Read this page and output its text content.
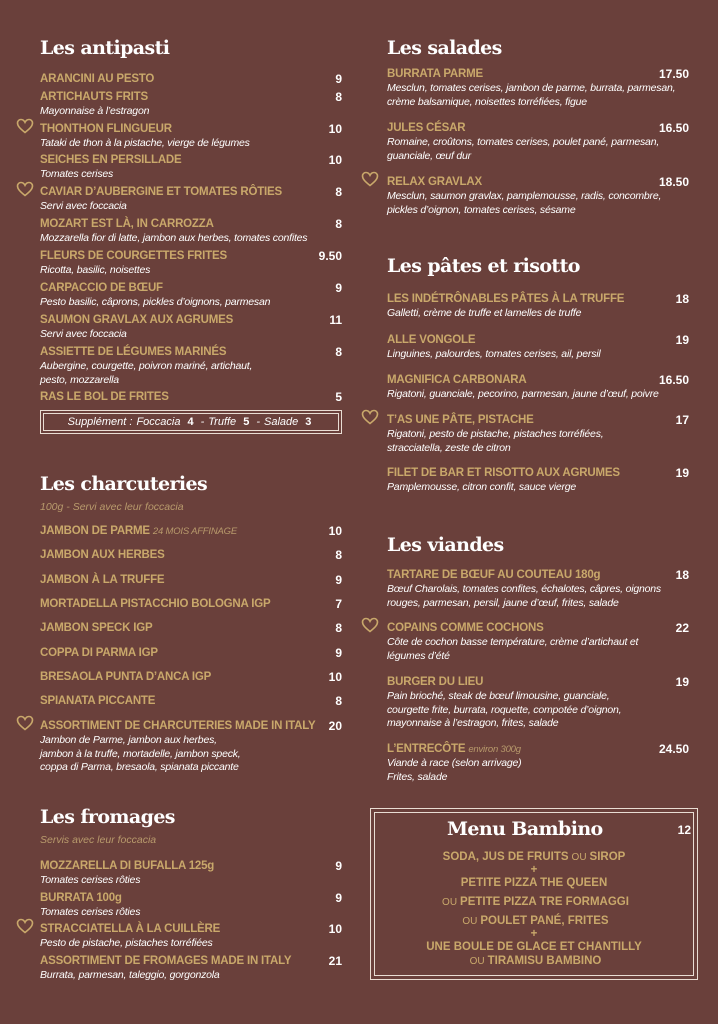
Les antipasti
ARANCINI AU PESTO	9
ARTICHAUTS FRITS	8
Mayonnaise à l’estragon
THONTHON FLINGUEUR	10
Tataki de thon à la pistache, vierge de légumes
SEICHES EN PERSILLADE	10
Tomates cerises
CAVIAR D’AUBERGINE ET TOMATES RÔTIES	8
Servi avec foccacia
MOZART EST LÀ, IN CARROZZA	8
Mozzarella fior di latte, jambon aux herbes, tomates confites
FLEURS DE COURGETTES FRITES	9.50
Ricotta, basilic, noisettes
CARPACCIO DE BŒUF	9
Pesto basilic, câprons, pickles d’oignons, parmesan
SAUMON GRAVLAX AUX AGRUMES	11
Servi avec foccacia
ASSIETTE DE LÉGUMES MARINÉS	8
Aubergine, courgette, poivron mariné, artichaut,
pesto, mozzarella
RAS LE BOL DE FRITES	5
Les charcuteries
100g - Servi avec leur foccacia
JAMBON DE PARME 24 MOIS AFFINAGE	10
JAMBON AUX HERBES	8
JAMBON À LA TRUFFE	9
MORTADELLA PISTACCHIO BOLOGNA IGP	7
JAMBON SPECK IGP	8
COPPA DI PARMA IGP	9
BRESAOLA PUNTA D’ANCA IGP	10
SPIANATA PICCANTE	8
ASSORTIMENT DE CHARCUTERIES MADE IN ITALY 20
Jambon de Parme, jambon aux herbes,
jambon à la truffe, mortadelle, jambon speck,
coppa di Parma, bresaola, spianata piccante
Les fromages
Servis avec leur foccacia
MOZZARELLA DI BUFALLA 125g	9
Tomates cerises rôties
BURRATA 100g	9
Tomates cerises rôties
STRACCIATELLA À LA CUILLÈRE	10
Pesto de pistache, pistaches torréfiées
ASSORTIMENT DE FROMAGES MADE IN ITALY	21
Burrata, parmesan, taleggio, gorgonzola
Les salades
BURRATA PARME	17.50
Mesclun, tomates cerises, jambon de parme, burrata, parmesan,
crème balsamique, noisettes torréfiées, figue
JULES CÉSAR	16.50
Romaine, croûtons, tomates cerises, poulet pané, parmesan,
guanciale, œuf dur
RELAX GRAVLAX	18.50
Mesclun, saumon gravlax, pamplemousse, radis, concombre,
pickles d’oignon, tomates cerises, sésame
Les pâtes et risotto
LES INDÉTRÔNABLES PÂTES À LA TRUFFE	18
Galletti, crème de truffe et lamelles de truffe
ALLE VONGOLE	19
Linguines, palourdes, tomates cerises, ail, persil
MAGNIFICA CARBONARA	16.50
Rigatoni, guanciale, pecorino, parmesan, jaune d’œuf, poivre
T’AS UNE PÂTE, PISTACHE	17
Rigatoni, pesto de pistache, pistaches torréfiées,
stracciatella, zeste de citron
FILET DE BAR ET RISOTTO AUX AGRUMES	19
Pamplemousse, citron confit, sauce vierge
Les viandes
TARTARE DE BŒUF AU COUTEAU 180g	18
Bœuf Charolais, tomates confites, échalotes, câpres, oignons
rouges, parmesan, persil, jaune d’œuf, frites, salade
COPAINS COMME COCHONS	22
Côte de cochon basse température, crème d’artichaut et
légumes d’été
BURGER DU LIEU	19
Pain brioché, steak de bœuf limousine, guanciale,
courgette frite, burrata, roquette, compotée d’oignon,
mayonnaise à l’estragon, frites, salade
L’ENTRECÔTE environ 300g	24.50
Viande à race (selon arrivage)
Frites, salade
Supplément : Foccacia 4 - Truffe 5 - Salade 3
Menu Bambino	12
SODA, JUS DE FRUITS OU SIROP
+
PETITE PIZZA THE QUEEN
OU PETITE PIZZA TRE FORMAGGI
OU POULET PANÉ, FRITES
+
UNE BOULE DE GLACE ET CHANTILLY
OU TIRAMISU BAMBINO
